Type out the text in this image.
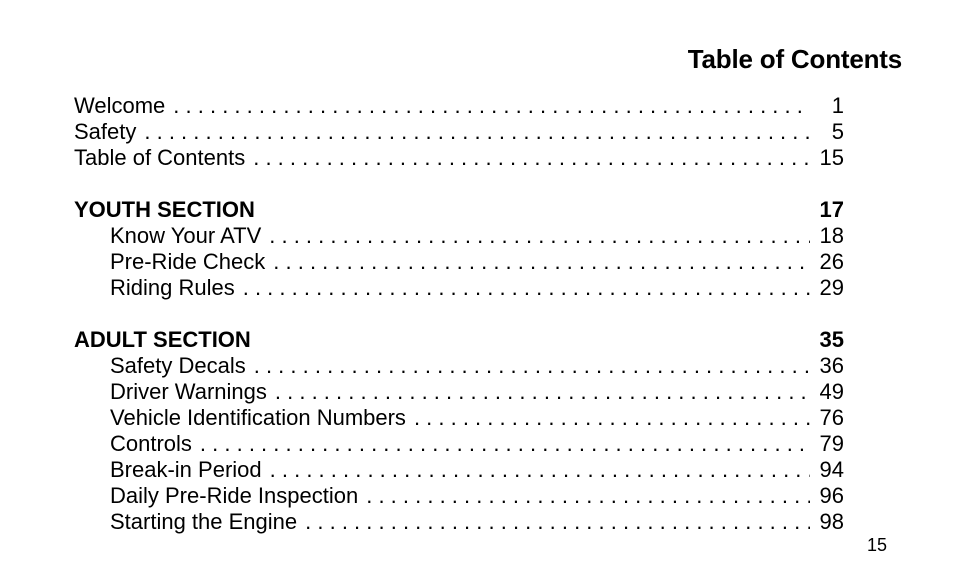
Table of Contents
Welcome . . .	1
Safety . . .	5
Table of Contents . . .	15
YOUTH SECTION	17
Know Your ATV . . .	18
Pre-Ride Check . . .	26
Riding Rules . . .	29
ADULT SECTION	35
Safety Decals . . .	36
Driver Warnings . . .	49
Vehicle Identification Numbers . . .	76
Controls . . .	79
Break-in Period . . .	94
Daily Pre-Ride Inspection . . .	96
Starting the Engine . . .	98
15
